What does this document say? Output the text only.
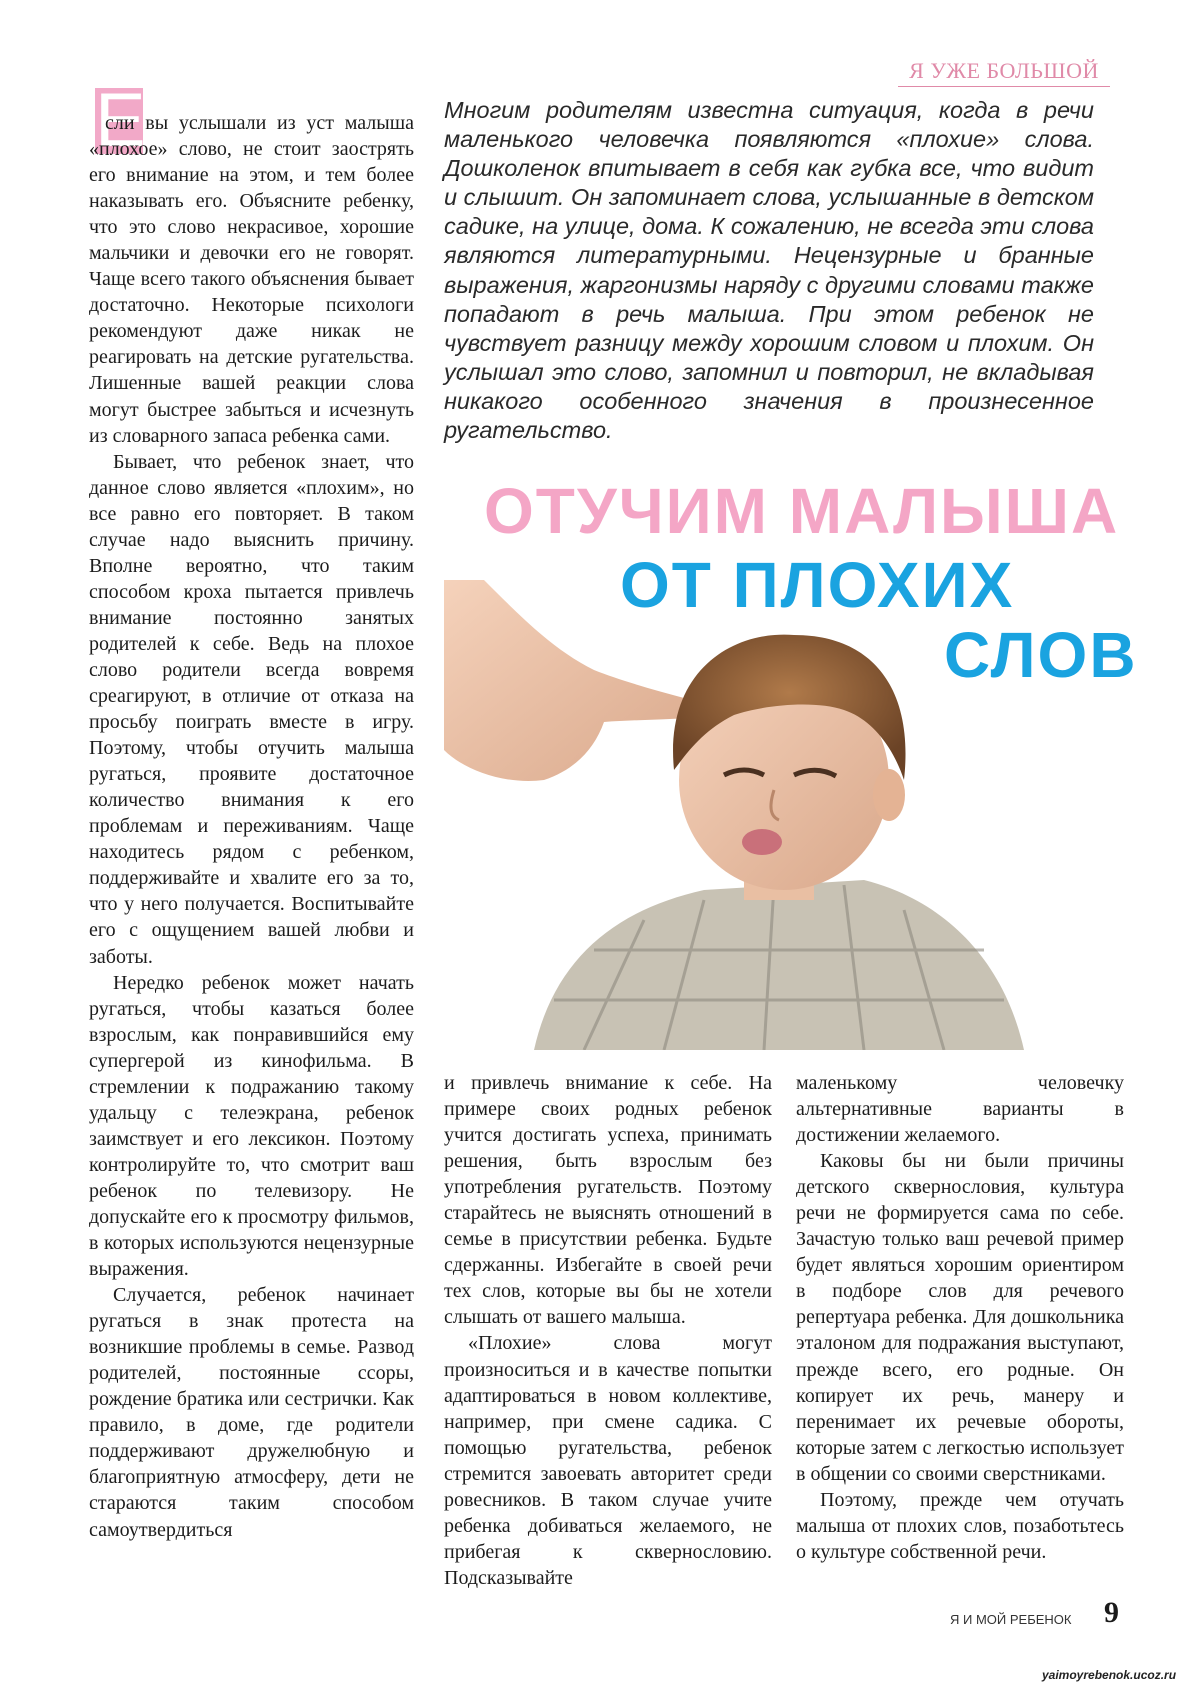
Я УЖЕ БОЛЬШОЙ
Е

сли вы услышали из уст малыша «плохое» слово, не стоит заострять его внимание на этом, и тем более наказывать его. Объясните ребенку, что это слово некрасивое, хорошие мальчики и девочки его не говорят. Чаще всего такого объяснения бывает достаточно. Некоторые психологи рекомендуют даже никак не реагировать на детские ругательства. Лишенные вашей реакции слова могут быстрее забыться и исчезнуть из словарного запаса ребенка сами.

Бывает, что ребенок знает, что данное слово является «плохим», но все равно его повторяет. В таком случае надо выяснить причину. Вполне вероятно, что таким способом кроха пытается привлечь внимание постоянно занятых родителей к себе. Ведь на плохое слово родители всегда вовремя среагируют, в отличие от отказа на просьбу поиграть вместе в игру. Поэтому, чтобы отучить малыша ругаться, проявите достаточное количество внимания к его проблемам и переживаниям. Чаще находитесь рядом с ребенком, поддерживайте и хвалите его за то, что у него получается. Воспитывайте его с ощущением вашей любви и заботы.

Нередко ребенок может начать ругаться, чтобы казаться более взрослым, как понравившийся ему супергерой из кинофильма. В стремлении к подражанию такому удальцу с телеэкрана, ребенок заимствует и его лексикон. Поэтому контролируйте то, что смотрит ваш ребенок по телевизору. Не допускайте его к просмотру фильмов, в которых используются нецензурные выражения.

Случается, ребенок начинает ругаться в знак протеста на возникшие проблемы в семье. Развод родителей, постоянные ссоры, рождение братика или сестрички. Как правило, в доме, где родители поддерживают дружелюбную и благоприятную атмосферу, дети не стараются таким способом самоутвердиться

Многим родителям известна ситуация, когда в речи маленького человечка появляются «плохие» слова. Дошколенок впитывает в себя как губка все, что видит и слышит. Он запоминает слова, услышанные в детском садике, на улице, дома. К сожалению, не всегда эти слова являются литературными. Нецензурные и бранные выражения, жаргонизмы наряду с другими словами также попадают в речь малыша. При этом ребенок не чувствует разницу между хорошим словом и плохим. Он услышал это слово, запомнил и повторил, не вкладывая никакого особенного значения в произнесенное ругательство.

ОТУЧИМ МАЛЫША
ОТ ПЛОХИХ
СЛОВ

и привлечь внимание к себе. На примере своих родных ребенок учится достигать успеха, принимать решения, быть взрослым без употребления ругательств. Поэтому старайтесь не выяснять отношений в семье в присутствии ребенка. Будьте сдержанны. Избегайте в своей речи тех слов, которые вы бы не хотели слышать от вашего малыша.

«Плохие» слова могут произноситься и в качестве попытки адаптироваться в новом коллективе, например, при смене садика. С помощью ругательства, ребенок стремится завоевать авторитет среди ровесников. В таком случае учите ребенка добиваться желаемого, не прибегая к сквернословию. Подсказывайте

маленькому человечку альтернативные варианты в достижении желаемого.

Каковы бы ни были причины детского сквернословия, культура речи не формируется сама по себе. Зачастую только ваш речевой пример будет являться хорошим ориентиром в подборе слов для речевого репертуара ребенка. Для дошкольника эталоном для подражания выступают, прежде всего, его родные. Он копирует их речь, манеру и перенимает их речевые обороты, которые затем с легкостью использует в общении со своими сверстниками.

Поэтому, прежде чем отучать малыша от плохих слов, позаботьтесь о культуре собственной речи.

Я И МОЙ РЕБЕНОК 9
yaimoyrebenok.ucoz.ru
